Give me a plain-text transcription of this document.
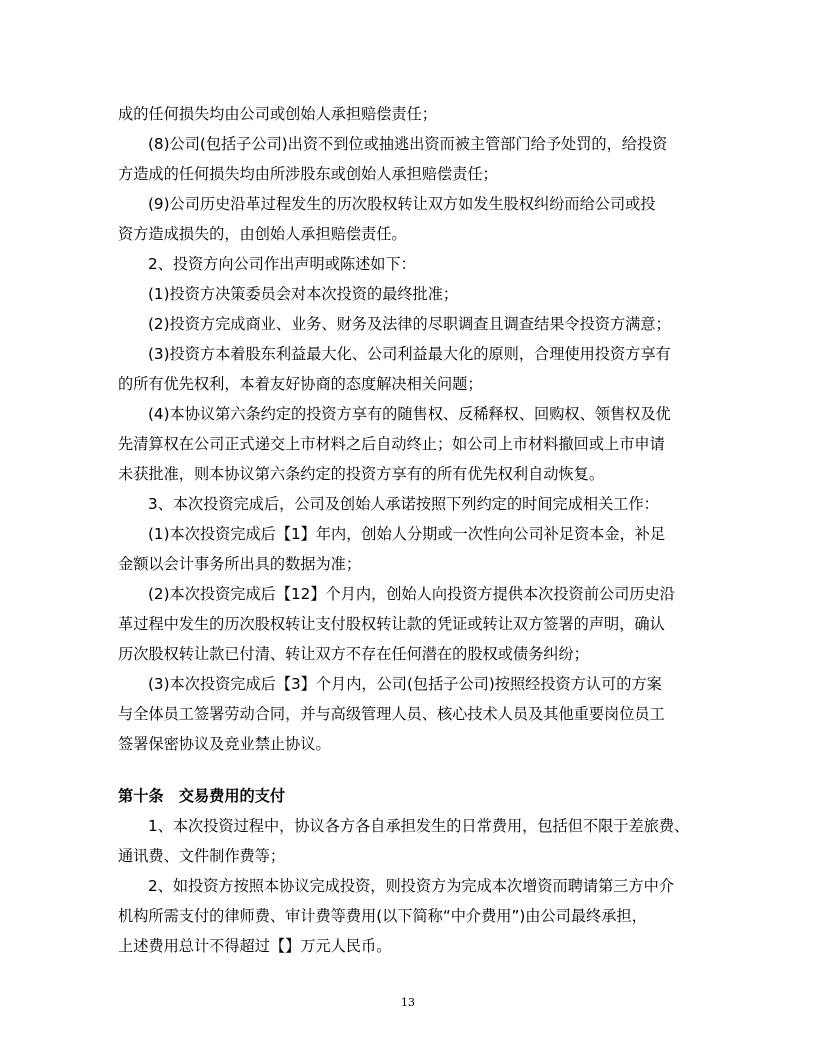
成的任何损失均由公司或创始人承担赔偿责任；
(8)公司(包括子公司)出资不到位或抽逃出资而被主管部门给予处罚的，给投资
方造成的任何损失均由所涉股东或创始人承担赔偿责任；
(9)公司历史沿革过程发生的历次股权转让双方如发生股权纠纷而给公司或投
资方造成损失的，由创始人承担赔偿责任。
2、投资方向公司作出声明或陈述如下：
(1)投资方决策委员会对本次投资的最终批准；
(2)投资方完成商业、业务、财务及法律的尽职调查且调查结果令投资方满意；
(3)投资方本着股东利益最大化、公司利益最大化的原则，合理使用投资方享有
的所有优先权利，本着友好协商的态度解决相关问题；
(4)本协议第六条约定的投资方享有的随售权、反稀释权、回购权、领售权及优
先清算权在公司正式递交上市材料之后自动终止；如公司上市材料撤回或上市申请
未获批准，则本协议第六条约定的投资方享有的所有优先权利自动恢复。
3、本次投资完成后，公司及创始人承诺按照下列约定的时间完成相关工作：
(1)本次投资完成后【1】年内，创始人分期或一次性向公司补足资本金，补足
金额以会计事务所出具的数据为准；
(2)本次投资完成后【12】个月内，创始人向投资方提供本次投资前公司历史沿
革过程中发生的历次股权转让支付股权转让款的凭证或转让双方签署的声明，确认
历次股权转让款已付清、转让双方不存在任何潜在的股权或债务纠纷；
(3)本次投资完成后【3】个月内，公司(包括子公司)按照经投资方认可的方案
与全体员工签署劳动合同，并与高级管理人员、核心技术人员及其他重要岗位员工
签署保密协议及竞业禁止协议。
第十条　交易费用的支付
1、本次投资过程中，协议各方各自承担发生的日常费用，包括但不限于差旅费、
通讯费、文件制作费等；
2、如投资方按照本协议完成投资，则投资方为完成本次增资而聘请第三方中介
机构所需支付的律师费、审计费等费用(以下简称“中介费用”)由公司最终承担，
上述费用总计不得超过【】万元人民币。
13
